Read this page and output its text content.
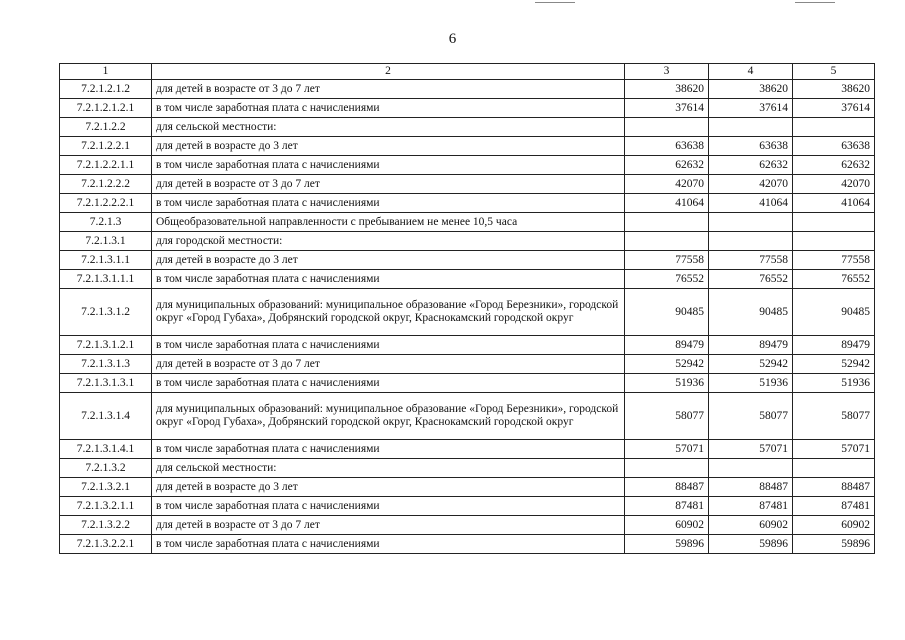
6
1	2	3	4	5
7.2.1.2.1.2	для детей в возрасте от 3 до 7 лет	38620	38620	38620
7.2.1.2.1.2.1	в том числе заработная плата с начислениями	37614	37614	37614
7.2.1.2.2	для сельской местности:			
7.2.1.2.2.1	для детей в возрасте до 3 лет	63638	63638	63638
7.2.1.2.2.1.1	в том числе заработная плата с начислениями	62632	62632	62632
7.2.1.2.2.2	для детей в возрасте от 3 до 7 лет	42070	42070	42070
7.2.1.2.2.2.1	в том числе заработная плата с начислениями	41064	41064	41064
7.2.1.3	Общеобразовательной направленности с пребыванием не менее 10,5 часа			
7.2.1.3.1	для городской местности:			
7.2.1.3.1.1	для детей в возрасте до 3 лет	77558	77558	77558
7.2.1.3.1.1.1	в том числе заработная плата с начислениями	76552	76552	76552
7.2.1.3.1.2	для муниципальных образований: муниципальное образование «Город Березники», городской округ «Город Губаха», Добрянский городской округ, Краснокамский городской округ	90485	90485	90485
7.2.1.3.1.2.1	в том числе заработная плата с начислениями	89479	89479	89479
7.2.1.3.1.3	для детей в возрасте от 3 до 7 лет	52942	52942	52942
7.2.1.3.1.3.1	в том числе заработная плата с начислениями	51936	51936	51936
7.2.1.3.1.4	для муниципальных образований: муниципальное образование «Город Березники», городской округ «Город Губаха», Добрянский городской округ, Краснокамский городской округ	58077	58077	58077
7.2.1.3.1.4.1	в том числе заработная плата с начислениями	57071	57071	57071
7.2.1.3.2	для сельской местности:			
7.2.1.3.2.1	для детей в возрасте до 3 лет	88487	88487	88487
7.2.1.3.2.1.1	в том числе заработная плата с начислениями	87481	87481	87481
7.2.1.3.2.2	для детей в возрасте от 3 до 7 лет	60902	60902	60902
7.2.1.3.2.2.1	в том числе заработная плата с начислениями	59896	59896	59896
